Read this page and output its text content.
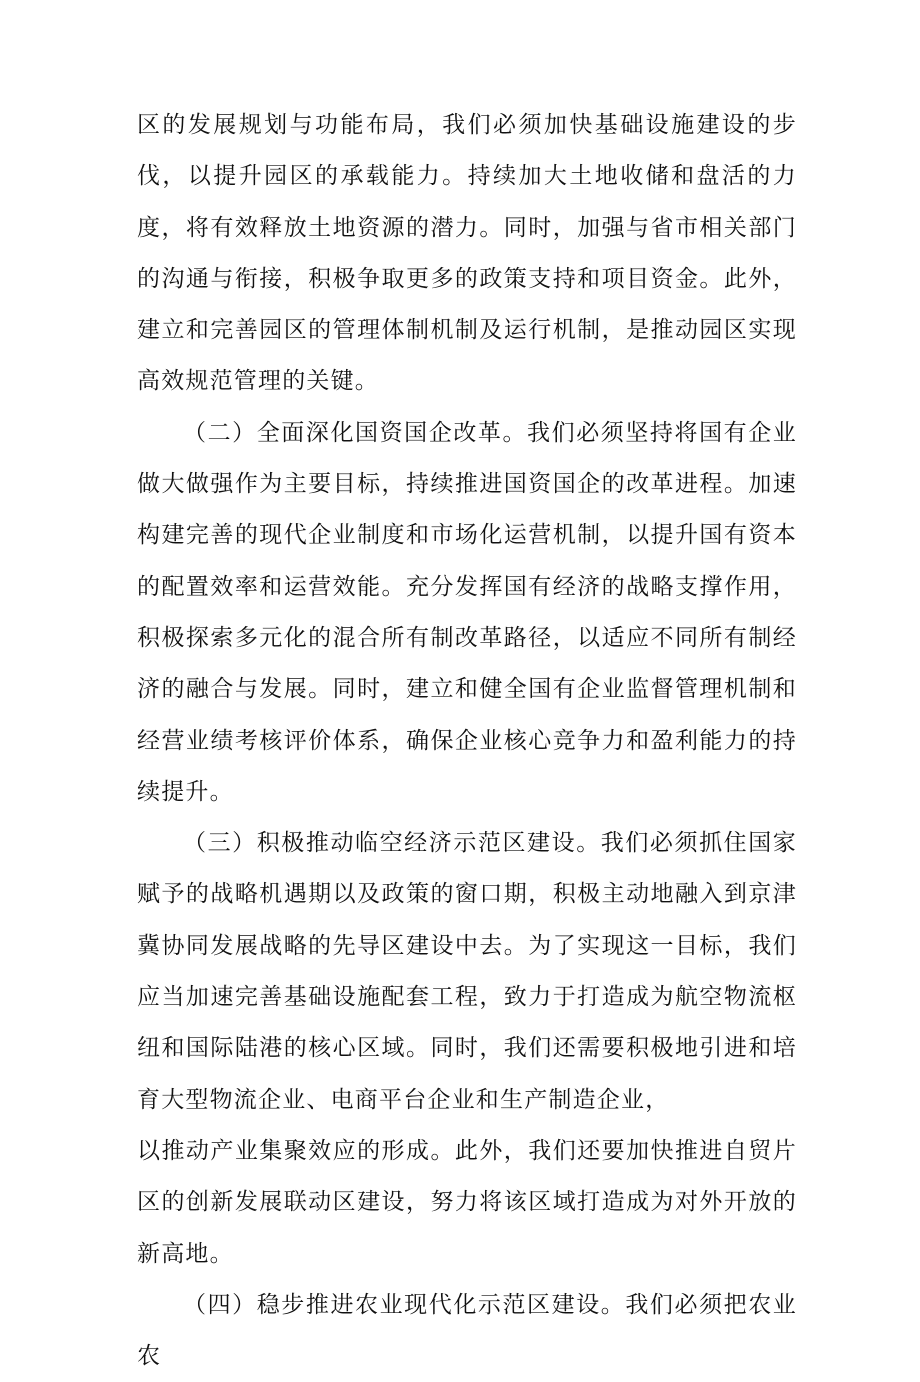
区的发展规划与功能布局，我们必须加快基础设施建设的步伐，以提升园区的承载能力。持续加大土地收储和盘活的力度，将有效释放土地资源的潜力。同时，加强与省市相关部门的沟通与衔接，积极争取更多的政策支持和项目资金。此外，建立和完善园区的管理体制机制及运行机制，是推动园区实现高效规范管理的关键。

（二）全面深化国资国企改革。我们必须坚持将国有企业做大做强作为主要目标，持续推进国资国企的改革进程。加速构建完善的现代企业制度和市场化运营机制，以提升国有资本的配置效率和运营效能。充分发挥国有经济的战略支撑作用，积极探索多元化的混合所有制改革路径，以适应不同所有制经济的融合与发展。同时，建立和健全国有企业监督管理机制和经营业绩考核评价体系，确保企业核心竞争力和盈利能力的持续提升。

（三）积极推动临空经济示范区建设。我们必须抓住国家赋予的战略机遇期以及政策的窗口期，积极主动地融入到京津冀协同发展战略的先导区建设中去。为了实现这一目标，我们应当加速完善基础设施配套工程，致力于打造成为航空物流枢纽和国际陆港的核心区域。同时，我们还需要积极地引进和培育大型物流企业、电商平台企业和生产制造企业，

以推动产业集聚效应的形成。此外，我们还要加快推进自贸片区的创新发展联动区建设，努力将该区域打造成为对外开放的新高地。

（四）稳步推进农业现代化示范区建设。我们必须把农业农
